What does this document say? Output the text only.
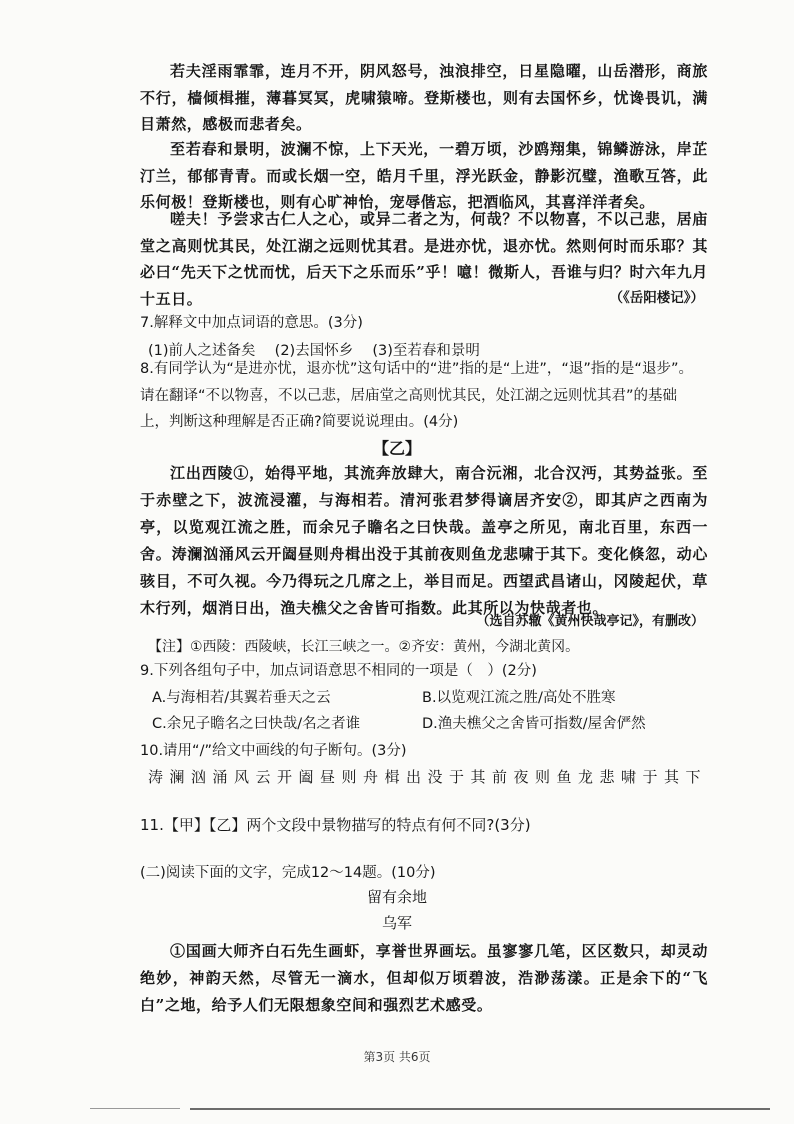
若夫淫雨霏霏，连月不开，阴风怒号，浊浪排空，日星隐曜，山岳潜形，商旅不行，樯倾楫摧，薄暮冥冥，虎啸猿啼。登斯楼也，则有去国怀乡，忧谗畏讥，满目萧然，感极而悲者矣。

至若春和景明，波澜不惊，上下天光，一碧万顷，沙鸥翔集，锦鳞游泳，岸芷汀兰，郁郁青青。而或长烟一空，皓月千里，浮光跃金，静影沉璧，渔歌互答，此乐何极！登斯楼也，则有心旷神怡，宠辱偕忘，把酒临风，其喜洋洋者矣。

嗟夫！予尝求古仁人之心，或异二者之为，何哉？不以物喜，不以己悲，居庙堂之高则忧其民，处江湖之远则忧其君。是进亦忧，退亦忧。然则何时而乐耶？其必曰“先天下之忧而忧，后天下之乐而乐”乎！噫！微斯人，吾谁与归？时六年九月十五日。	（《岳阳楼记》）
7.解释文中加点词语的意思。(3分)
(1)前人之述备矣　 (2)去国怀乡　 (3)至若春和景明

8.有同学认为“是进亦忧，退亦忧”这句话中的“进”指的是“上进”，“退”指的是“退步”。请在翻译“不以物喜，不以己悲，居庙堂之高则忧其民，处江湖之远则忧其君”的基础上，判断这种理解是否正确?简要说说理由。(4分)

【乙】

江出西陵①，始得平地，其流奔放肆大，南合沅湘，北合汉沔，其势益张。至于赤壁之下，波流浸灌，与海相若。清河张君梦得谪居齐安②，即其庐之西南为亭，以览观江流之胜，而余兄子瞻名之曰快哉。盖亭之所见，南北百里，东西一舍。涛澜汹涌风云开阖昼则舟楫出没于其前夜则鱼龙悲啸于其下。变化倏忽，动心骇目，不可久视。今乃得玩之几席之上，举目而足。西望武昌诸山，冈陵起伏，草木行列，烟消日出，渔夫樵父之舍皆可指数。此其所以为快哉者也。

（选自苏辙《黄州快哉亭记》，有删改）
【注】①西陵：西陵峡，长江三峡之一。②齐安：黄州，今湖北黄冈。
9.下列各组句子中，加点词语意思不相同的一项是（　）(2分)
A.与海相若/其翼若垂天之云	B.以览观江流之胜/高处不胜寒
C.余兄子瞻名之曰快哉/名之者谁	D.渔夫樵父之舍皆可指数/屋舍俨然
10.请用“/”给文中画线的句子断句。(3分)

涛澜汹涌风云开阖昼则舟楫出没于其前夜则鱼龙悲啸于其下

11.【甲】【乙】两个文段中景物描写的特点有何不同?(3分)
(二)阅读下面的文字，完成12～14题。(10分)
留有余地
乌军

①国画大师齐白石先生画虾，享誉世界画坛。虽寥寥几笔，区区数只，却灵动绝妙，神韵天然，尽管无一滴水，但却似万顷碧波，浩渺荡漾。正是余下的“飞白”之地，给予人们无限想象空间和强烈艺术感受。

第3页 共6页
